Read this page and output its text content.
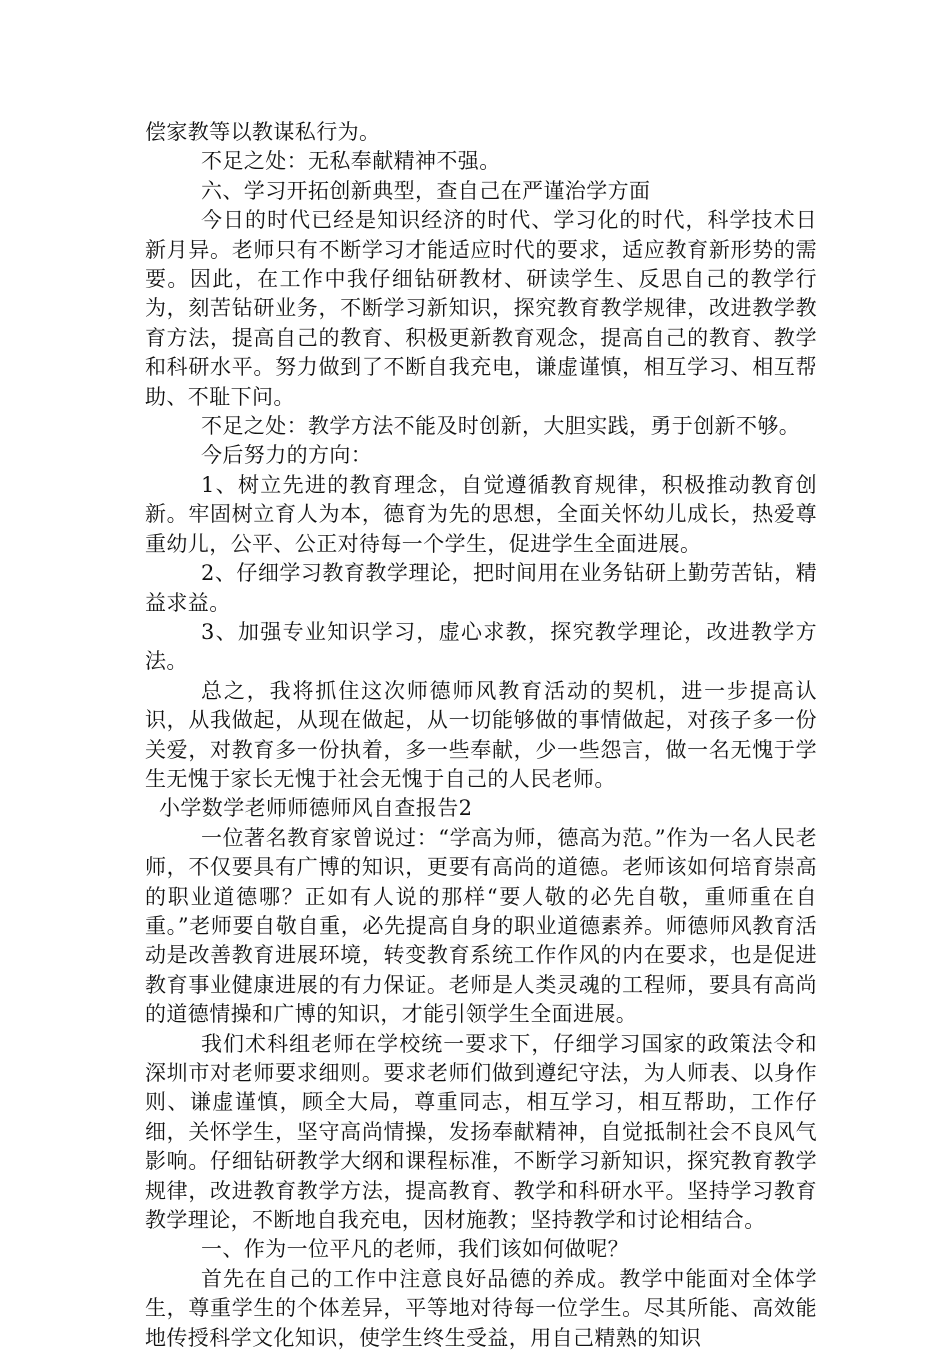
偿家教等以教谋私行为。

不足之处：无私奉献精神不强。

六、学习开拓创新典型，查自己在严谨治学方面

今日的时代已经是知识经济的时代、学习化的时代，科学技术日新月异。老师只有不断学习才能适应时代的要求，适应教育新形势的需要。因此，在工作中我仔细钻研教材、研读学生、反思自己的教学行为，刻苦钻研业务，不断学习新知识，探究教育教学规律，改进教学教育方法，提高自己的教育、积极更新教育观念，提高自己的教育、教学和科研水平。努力做到了不断自我充电，谦虚谨慎，相互学习、相互帮助、不耻下问。

不足之处：教学方法不能及时创新，大胆实践，勇于创新不够。

今后努力的方向：

1、树立先进的教育理念，自觉遵循教育规律，积极推动教育创新。牢固树立育人为本，德育为先的思想，全面关怀幼儿成长，热爱尊重幼儿，公平、公正对待每一个学生，促进学生全面进展。

2、仔细学习教育教学理论，把时间用在业务钻研上勤劳苦钻，精益求益。

3、加强专业知识学习，虚心求教，探究教学理论，改进教学方法。

总之，我将抓住这次师德师风教育活动的契机，进一步提高认识，从我做起，从现在做起，从一切能够做的事情做起，对孩子多一份关爱，对教育多一份执着，多一些奉献，少一些怨言，做一名无愧于学生无愧于家长无愧于社会无愧于自己的人民老师。

小学数学老师师德师风自查报告2

一位著名教育家曾说过：“学高为师，德高为范。”作为一名人民老师，不仅要具有广博的知识，更要有高尚的道德。老师该如何培育崇高的职业道德哪？正如有人说的那样“要人敬的必先自敬，重师重在自重。”老师要自敬自重，必先提高自身的职业道德素养。师德师风教育活动是改善教育进展环境，转变教育系统工作作风的内在要求，也是促进教育事业健康进展的有力保证。老师是人类灵魂的工程师，要具有高尚的道德情操和广博的知识，才能引领学生全面进展。

我们术科组老师在学校统一要求下，仔细学习国家的政策法令和深圳市对老师要求细则。要求老师们做到遵纪守法，为人师表、以身作则、谦虚谨慎，顾全大局，尊重同志，相互学习，相互帮助，工作仔细，关怀学生，坚守高尚情操，发扬奉献精神，自觉抵制社会不良风气影响。仔细钻研教学大纲和课程标准，不断学习新知识，探究教育教学规律，改进教育教学方法，提高教育、教学和科研水平。坚持学习教育教学理论，不断地自我充电，因材施教；坚持教学和讨论相结合。

一、作为一位平凡的老师，我们该如何做呢？

首先在自己的工作中注意良好品德的养成。教学中能面对全体学生，尊重学生的个体差异，平等地对待每一位学生。尽其所能、高效能地传授科学文化知识，使学生终生受益，用自己精熟的知识
